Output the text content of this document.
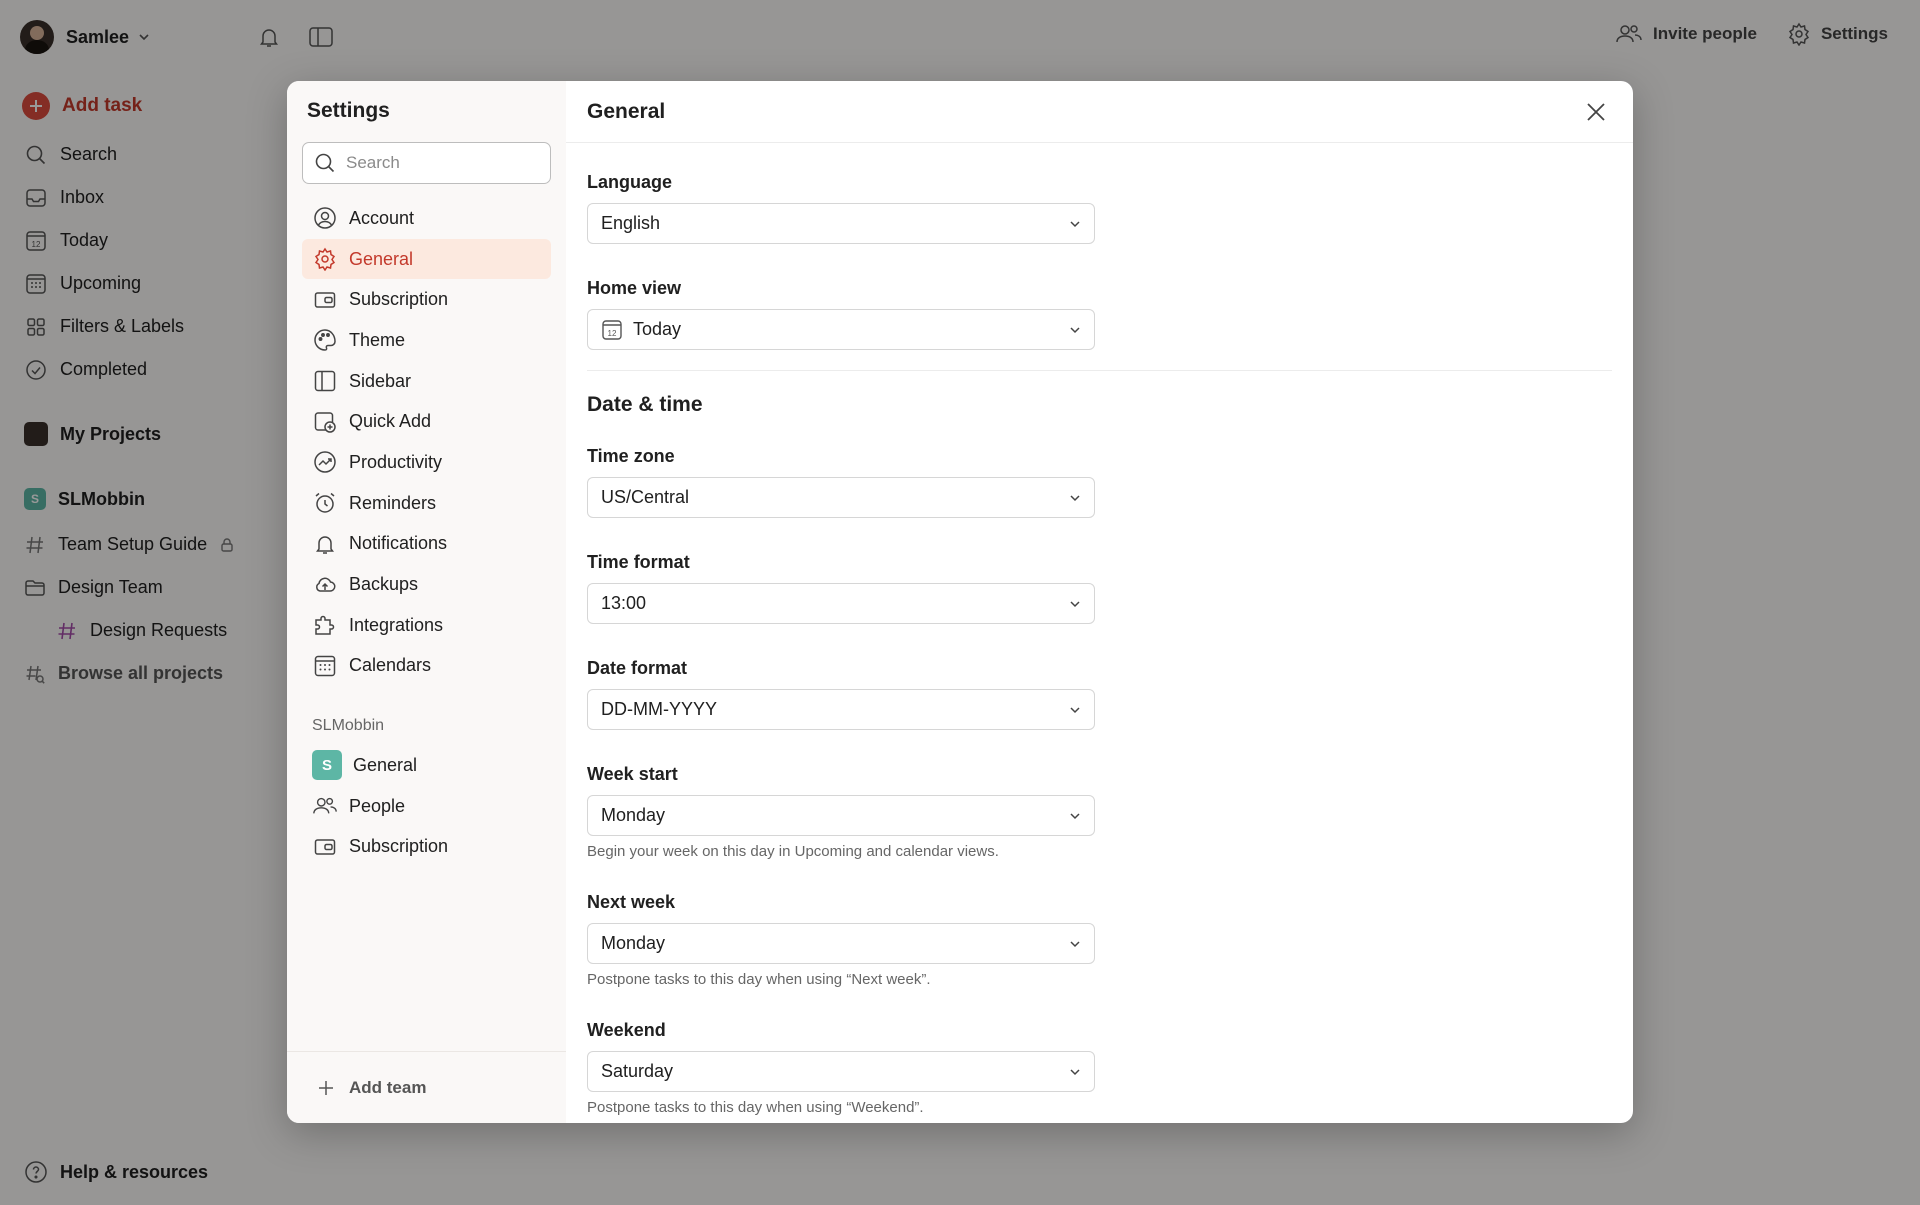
Samlee
Add task
Search
Inbox
12 Today
Upcoming
Filters & Labels
Completed
My Projects
S	SLMobbin
Team Setup Guide
Design Team
Design Requests
Browse all projects
Help & resources
Invite people	Settings
Settings
Search
Account
General
Subscription
Theme
Sidebar
Quick Add
Productivity
Reminders
Notifications
Backups
Integrations
Calendars
SLMobbin
S	General
People
Subscription
Add team
General
Language
English
Home view
12 Today
Date & time
Time zone
US/Central
Time format
13:00
Date format
DD-MM-YYYY
Week start
Monday
Begin your week on this day in Upcoming and calendar views.
Next week
Monday
Postpone tasks to this day when using “Next week”.
Weekend
Saturday
Postpone tasks to this day when using “Weekend”.
